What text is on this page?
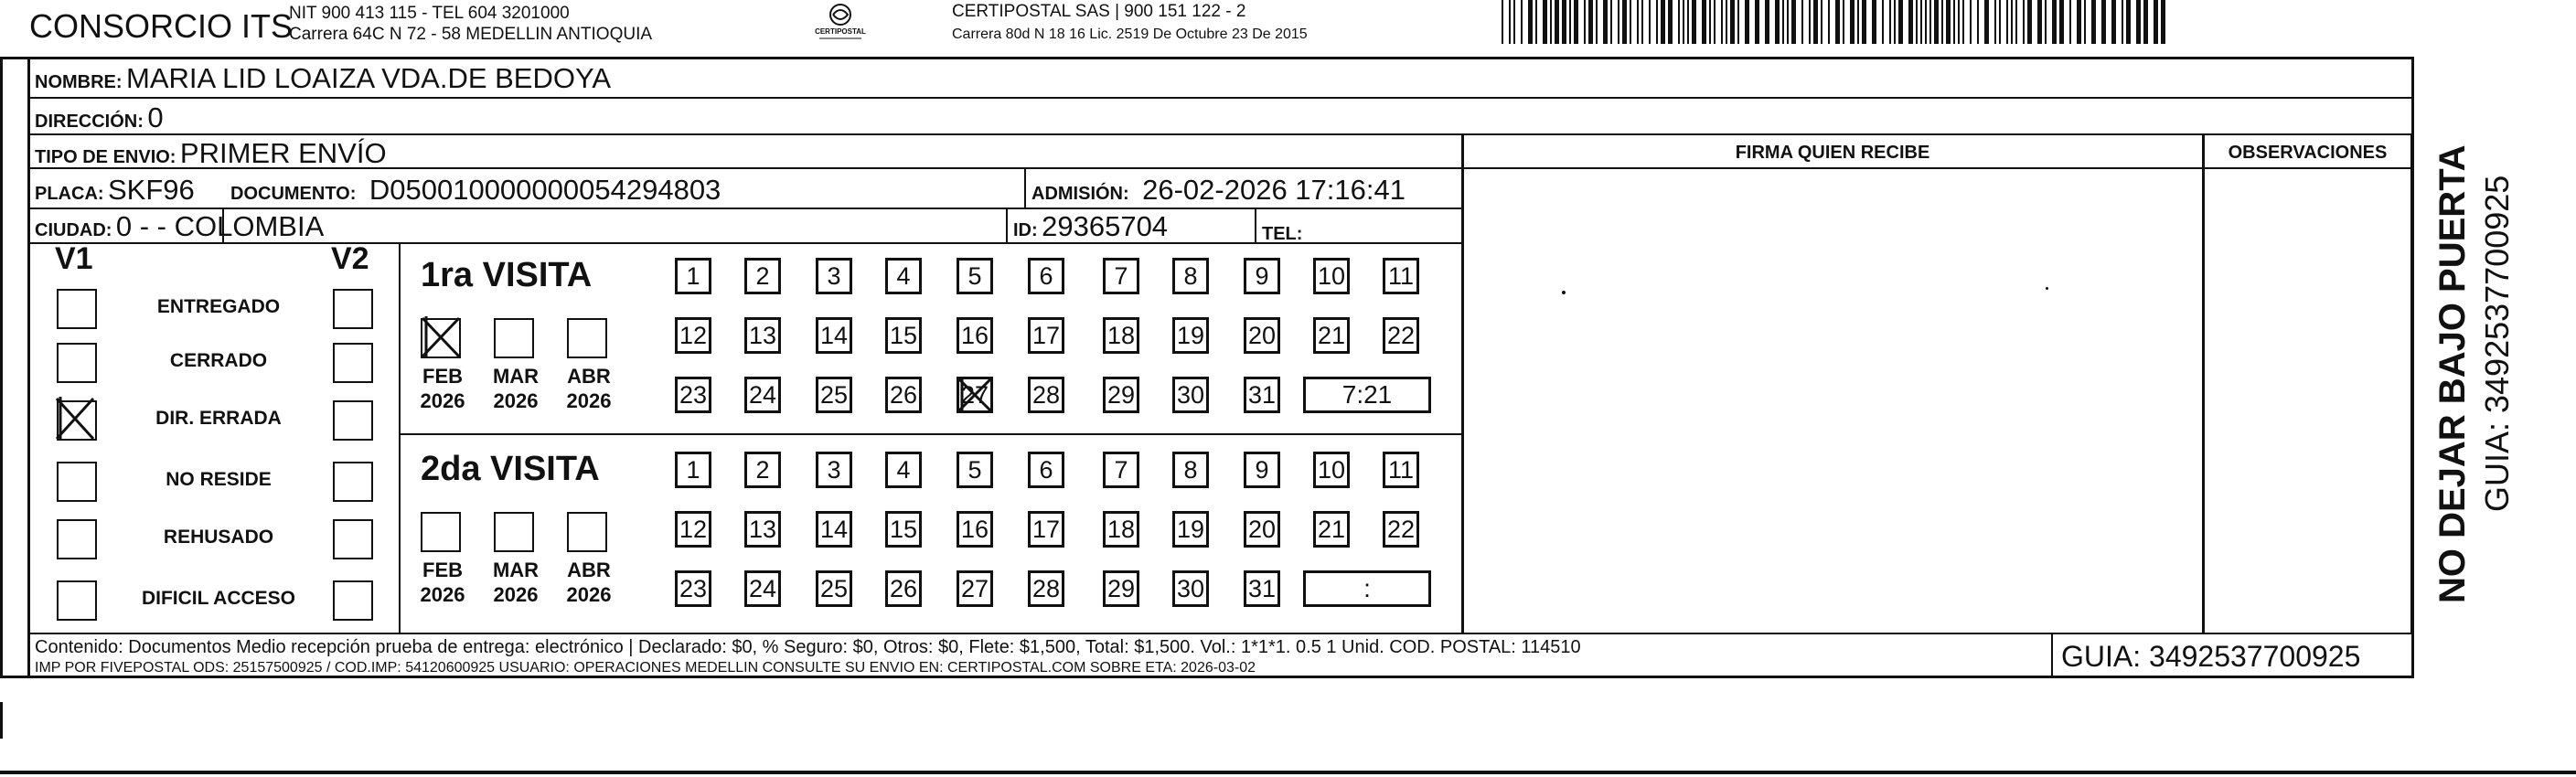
CONSORCIO ITS
NIT 900 413 115 - TEL 604 3201000
Carrera 64C N 72 - 58 MEDELLIN ANTIOQUIA	CERTIPOSTAL
CERTIPOSTAL SAS | 900 151 122 - 2
Carrera 80d N 18 16 Lic. 2519 De Octubre 23 De 2015
NOMBRE: MARIA LID LOAIZA VDA.DE BEDOYA
DIRECCIÓN: 0
TIPO DE ENVIO: PRIMER ENVÍO	FIRMA QUIEN RECIBE	OBSERVACIONES
PLACA: SKF96 DOCUMENTO: D050010000000054294803	ADMISIÓN: 26-02-2026 17:16:41
CIUDAD: 0 - - COLOMBIA	ID: 29365704	TEL:
V1	V2
ENTREGADO
CERRADO
DIR. ERRADA
NO RESIDE
REHUSADO
DIFICIL ACCESO
1ra VISITA
FEB
2026
MAR
2026
ABR
2026
1	2	3	4	5	6	7	8	9	10 11
12 13 14 15 16 17 18 19 20 21 22
23 24 25 26 27 28 29 30 31	7:21
2da VISITA
FEB
2026
MAR
2026
ABR
2026
1	2	3	4	5	6	7	8	9	10 11
12 13 14 15 16 17 18 19 20 21 22
23 24 25 26 27 28 29 30 31	:
Contenido: Documentos Medio recepción prueba de entrega: electrónico | Declarado: $0, % Seguro: $0, Otros: $0, Flete: $1,500, Total: $1,500. Vol.: 1*1*1. 0.5 1 Unid. COD. POSTAL: 114510
IMP POR FIVEPOSTAL ODS: 25157500925 / COD.IMP: 54120600925 USUARIO: OPERACIONES MEDELLIN CONSULTE SU ENVIO EN: CERTIPOSTAL.COM SOBRE ETA: 2026-03-02	GUIA: 3492537700925
NO DEJAR BAJO PUERTA GUIA: 3492537700925
